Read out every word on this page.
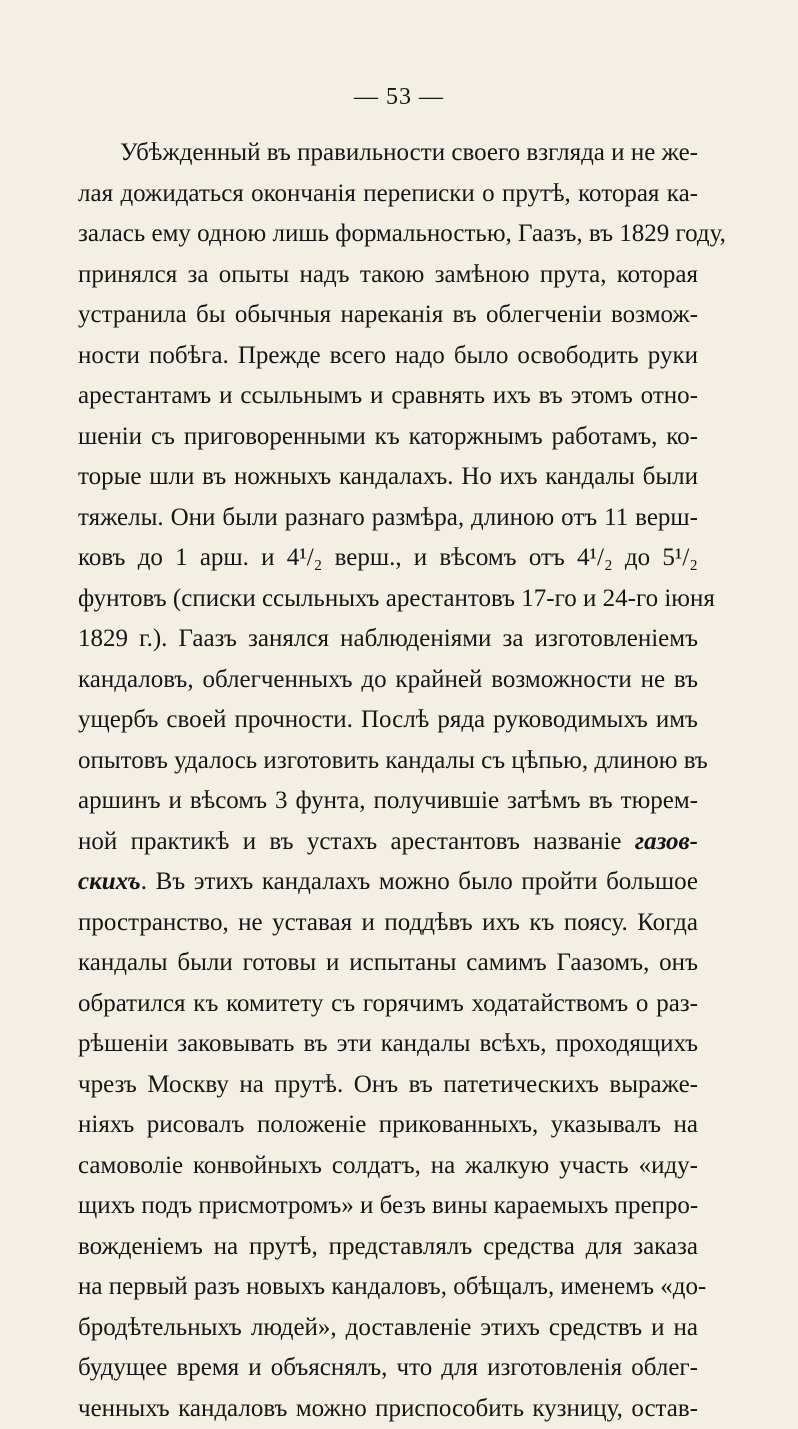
— 53 —
Убѣжденный въ правильности своего взгляда и не же-
лая дожидаться окончанія переписки о прутѣ, которая ка-
залась ему одною лишь формальностью, Гаазъ, въ 1829 году,
принялся за опыты надъ такою замѣною прута, которая
устранила бы обычныя нареканія въ облегченіи возмож-
ности побѣга. Прежде всего надо было освободить руки
арестантамъ и ссыльнымъ и сравнять ихъ въ этомъ отно-
шеніи съ приговоренными къ каторжнымъ работамъ, ко-
торые шли въ ножныхъ кандалахъ. Но ихъ кандалы были
тяжелы. Они были разнаго размѣра, длиною отъ 11 верш-
ковъ до 1 арш. и 4¹/₂ верш., и вѣсомъ отъ 4¹/₂ до 5¹/₂
фунтовъ (списки ссыльныхъ арестантовъ 17-го и 24-го іюня
1829 г.). Гаазъ занялся наблюденіями за изготовленіемъ
кандаловъ, облегченныхъ до крайней возможности не въ
ущербъ своей прочности. Послѣ ряда руководимыхъ имъ
опытовъ удалось изготовить кандалы съ цѣпью, длиною въ
аршинъ и вѣсомъ 3 фунта, получившіе затѣмъ въ тюрем-
ной практикѣ и въ устахъ арестантовъ названіе газов-
скихъ. Въ этихъ кандалахъ можно было пройти большое
пространство, не уставая и поддѣвъ ихъ къ поясу. Когда
кандалы были готовы и испытаны самимъ Гаазомъ, онъ
обратился къ комитету съ горячимъ ходатайствомъ о раз-
рѣшеніи заковывать въ эти кандалы всѣхъ, проходящихъ
чрезъ Москву на прутѣ. Онъ въ патетическихъ выраже-
ніяхъ рисовалъ положеніе прикованныхъ, указывалъ на
самоволіе конвойныхъ солдатъ, на жалкую участь «иду-
щихъ подъ присмотромъ» и безъ вины караемыхъ препро-
вожденіемъ на прутѣ, представлялъ средства для заказа
на первый разъ новыхъ кандаловъ, обѣщалъ, именемъ «до-
бродѣтельныхъ людей», доставленіе этихъ средствъ и на
будущее время и объяснялъ, что для изготовленія облег-
ченныхъ кандаловъ можно приспособить кузницу, остав-
